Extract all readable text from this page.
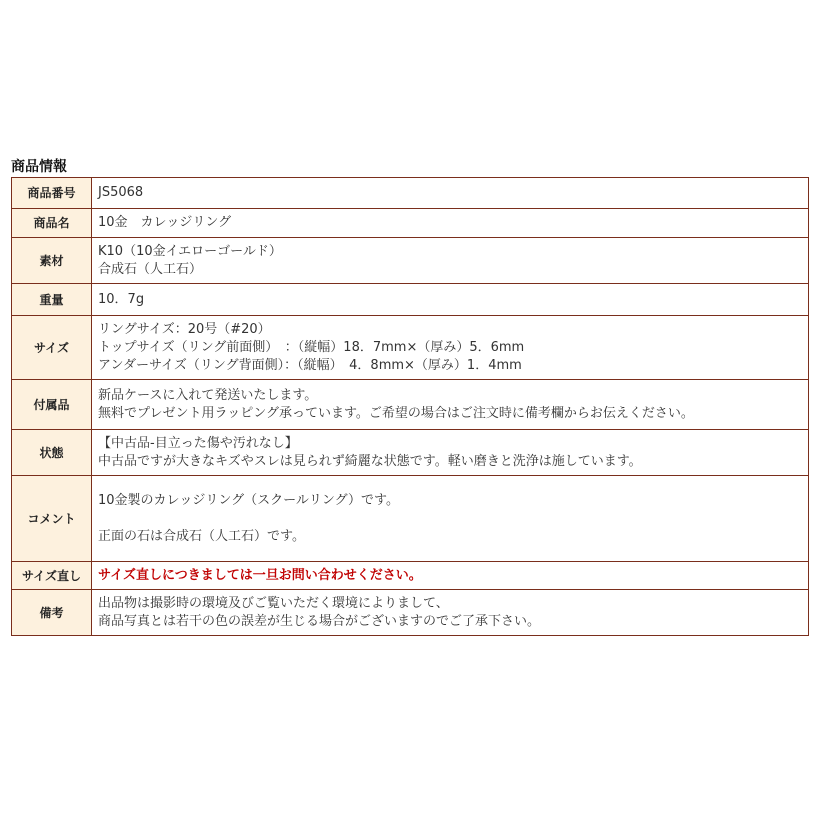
商品情報
商品番号	JS5068

商品名	10金　カレッジリング

素材	K10（10金イエローゴールド）
合成石（人工石）

重量	10．7g

サイズ	リングサイズ：20号（#20）
トップサイズ（リング前面側）　：（縦幅）18．7mm×（厚み）5．6mm
アンダーサイズ（リング背面側）：（縦幅）　4．8mm×（厚み）1．4mm

付属品	新品ケースに入れて発送いたします。
無料でプレゼント用ラッピング承っています。ご希望の場合はご注文時に備考欄からお伝えください。

状態	【中古品-目立った傷や汚れなし】
中古品ですが大きなキズやスレは見られず綺麗な状態です。軽い磨きと洗浄は施しています。

コメント	10金製のカレッジリング（スクールリング）です。
正面の石は合成石（人工石）です。

サイズ直し	サイズ直しにつきましては一旦お問い合わせください。

備考	出品物は撮影時の環境及びご覧いただく環境によりまして、
商品写真とは若干の色の誤差が生じる場合がございますのでご了承下さい。
